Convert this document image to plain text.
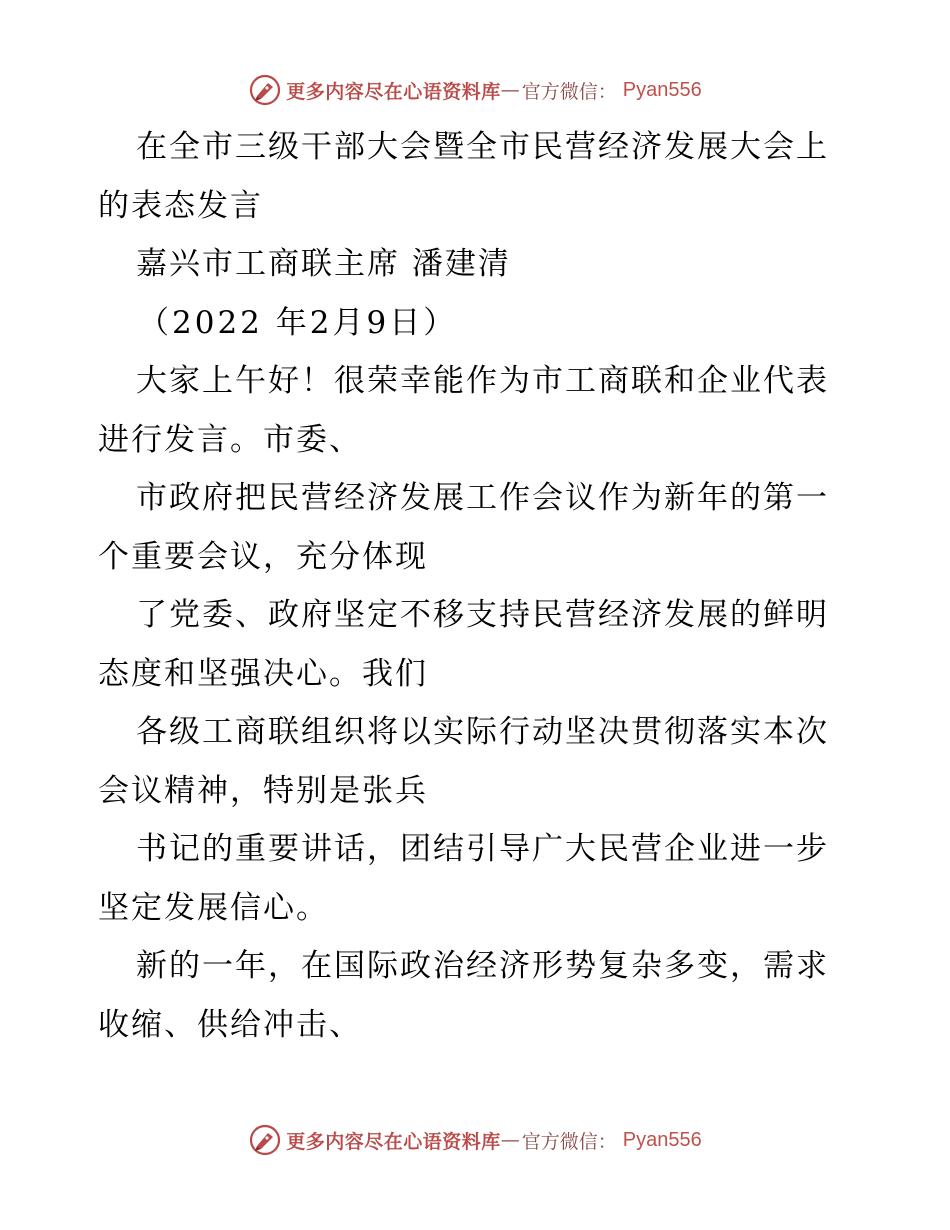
更多内容尽在心语资料库 — 官方微信： Pyan556
在全市三级干部大会暨全市民营经济发展大会上
的表态发言
嘉兴市工商联主席 潘建清
（2022 年2月9日）
大家上午好！很荣幸能作为市工商联和企业代表
进行发言。市委、
市政府把民营经济发展工作会议作为新年的第一
个重要会议，充分体现
了党委、政府坚定不移支持民营经济发展的鲜明
态度和坚强决心。我们
各级工商联组织将以实际行动坚决贯彻落实本次
会议精神，特别是张兵
书记的重要讲话，团结引导广大民营企业进一步
坚定发展信心。
新的一年，在国际政治经济形势复杂多变，需求
收缩、供给冲击、
更多内容尽在心语资料库 — 官方微信： Pyan556
